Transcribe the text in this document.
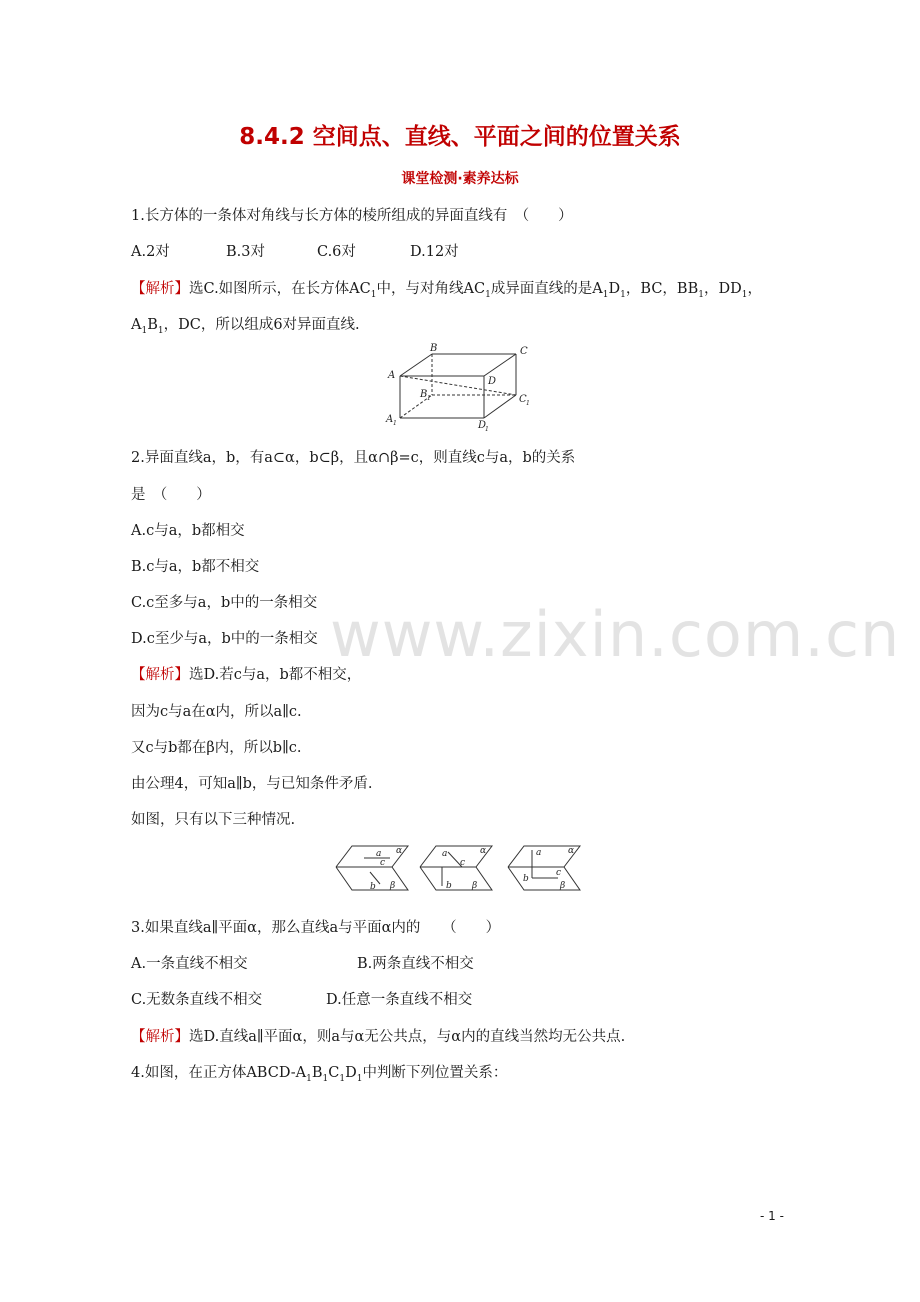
8.4.2 空间点、直线、平面之间的位置关系
课堂检测·素养达标
www.zixin.com.cn
1.长方体的一条体对角线与长方体的棱所组成的异面直线有　（　　）
A.2对	B.3对	C.6对	D.12对
【解析】选C.如图所示，在长方体$AC_1$中，与对角线$AC_1$成异面直线的是$A_1D_1$，BC，$BB_1$，$DD_1$，
$A_1B_1$，DC，所以组成6对异面直线.
A
B	C
D
A 1
B 1	C 1
D
1
2.异面直线a，b，有a⊂α，b⊂β，且α∩β=c，则直线c与a，b的关系
是　（　　）
A.c与a，b都相交
B.c与a，b都不相交
C.c至多与a，b中的一条相交
D.c至少与a，b中的一条相交
【解析】选D.若c与a，b都不相交，
因为c与a在α内，所以a∥c.
又c与b都在β内，所以b∥c.
由公理4，可知a∥b，与已知条件矛盾.
如图，只有以下三种情况.
α
a
c
b β
α
a
c
b β
α
a
c
b
β
3.如果直线a∥平面α，那么直线a与平面α内的　　（　　）
A.一条直线不相交	B.两条直线不相交
C.无数条直线不相交	D.任意一条直线不相交
【解析】选D.直线a∥平面α，则a与α无公共点，与α内的直线当然均无公共点.
4.如图，在正方体ABCD-$A_1B_1C_1D_1$中判断下列位置关系：
- 1 -
